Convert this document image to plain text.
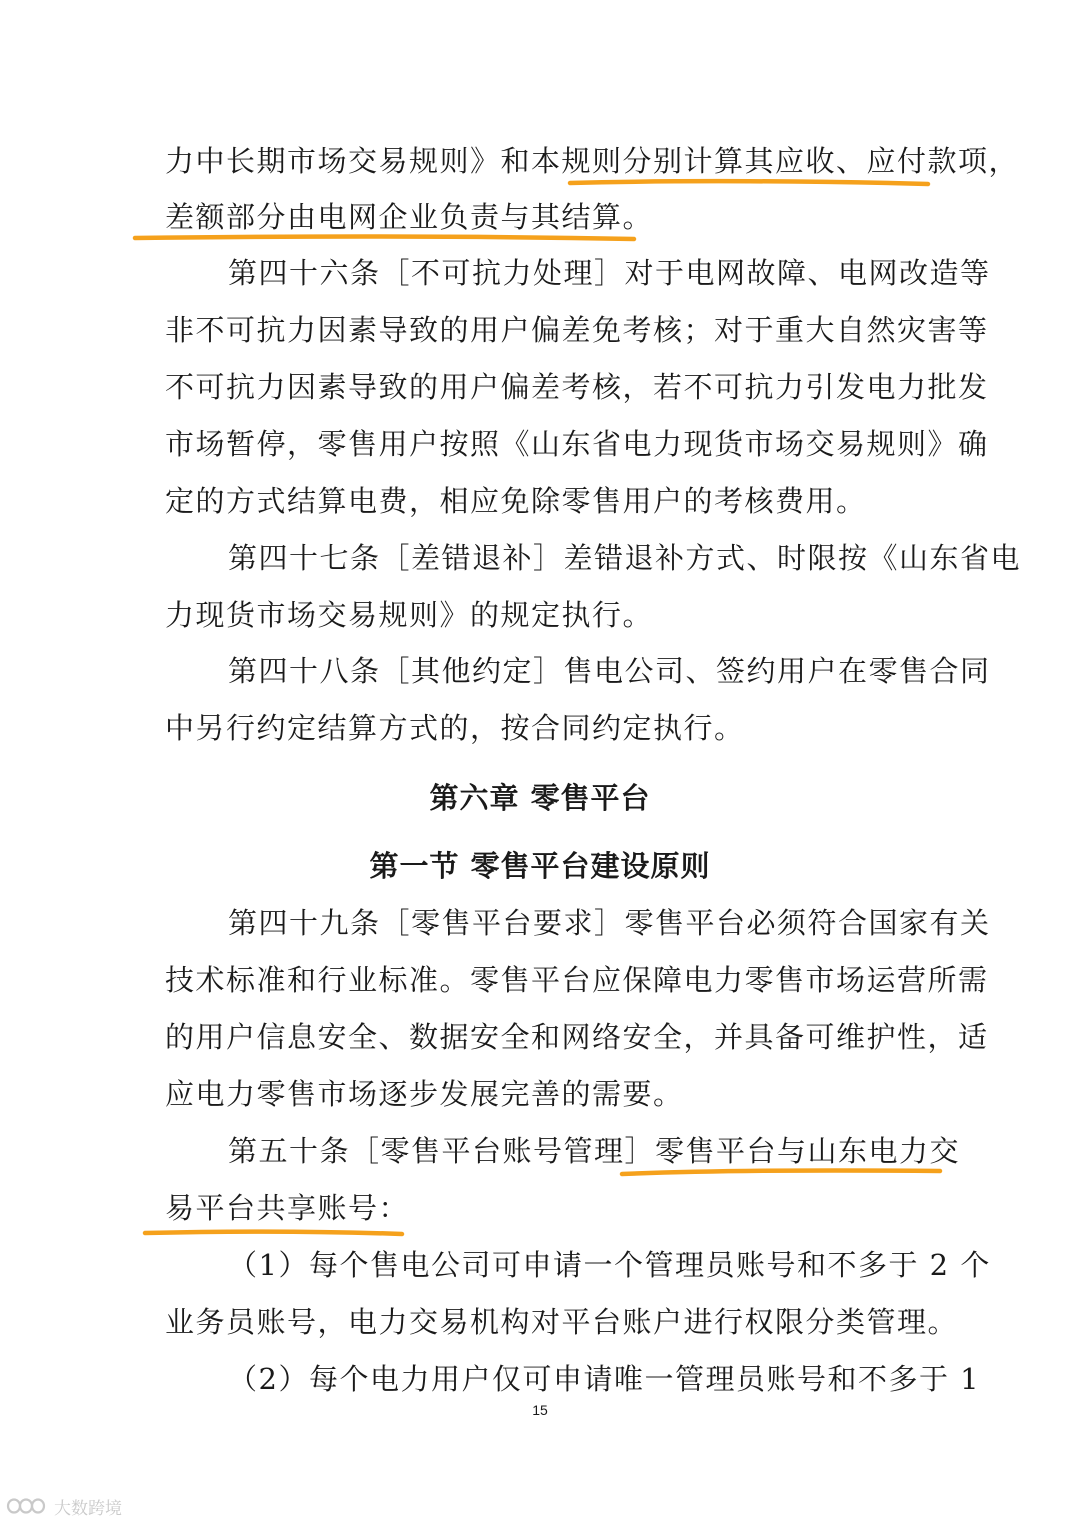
力中长期市场交易规则》和本规则分别计算其应收、应付款项，
差额部分由电网企业负责与其结算。
第四十六条［不可抗力处理］对于电网故障、电网改造等
非不可抗力因素导致的用户偏差免考核；对于重大自然灾害等
不可抗力因素导致的用户偏差考核，若不可抗力引发电力批发
市场暂停，零售用户按照《山东省电力现货市场交易规则》确
定的方式结算电费，相应免除零售用户的考核费用。
第四十七条［差错退补］差错退补方式、时限按《山东省电
力现货市场交易规则》的规定执行。
第四十八条［其他约定］售电公司、签约用户在零售合同
中另行约定结算方式的，按合同约定执行。
第六章 零售平台
第一节 零售平台建设原则
第四十九条［零售平台要求］零售平台必须符合国家有关
技术标准和行业标准。零售平台应保障电力零售市场运营所需
的用户信息安全、数据安全和网络安全，并具备可维护性，适
应电力零售市场逐步发展完善的需要。
第五十条［零售平台账号管理］零售平台与山东电力交
易平台共享账号：
（1）每个售电公司可申请一个管理员账号和不多于 2 个
业务员账号，电力交易机构对平台账户进行权限分类管理。
（2）每个电力用户仅可申请唯一管理员账号和不多于 1
15
大数跨境
